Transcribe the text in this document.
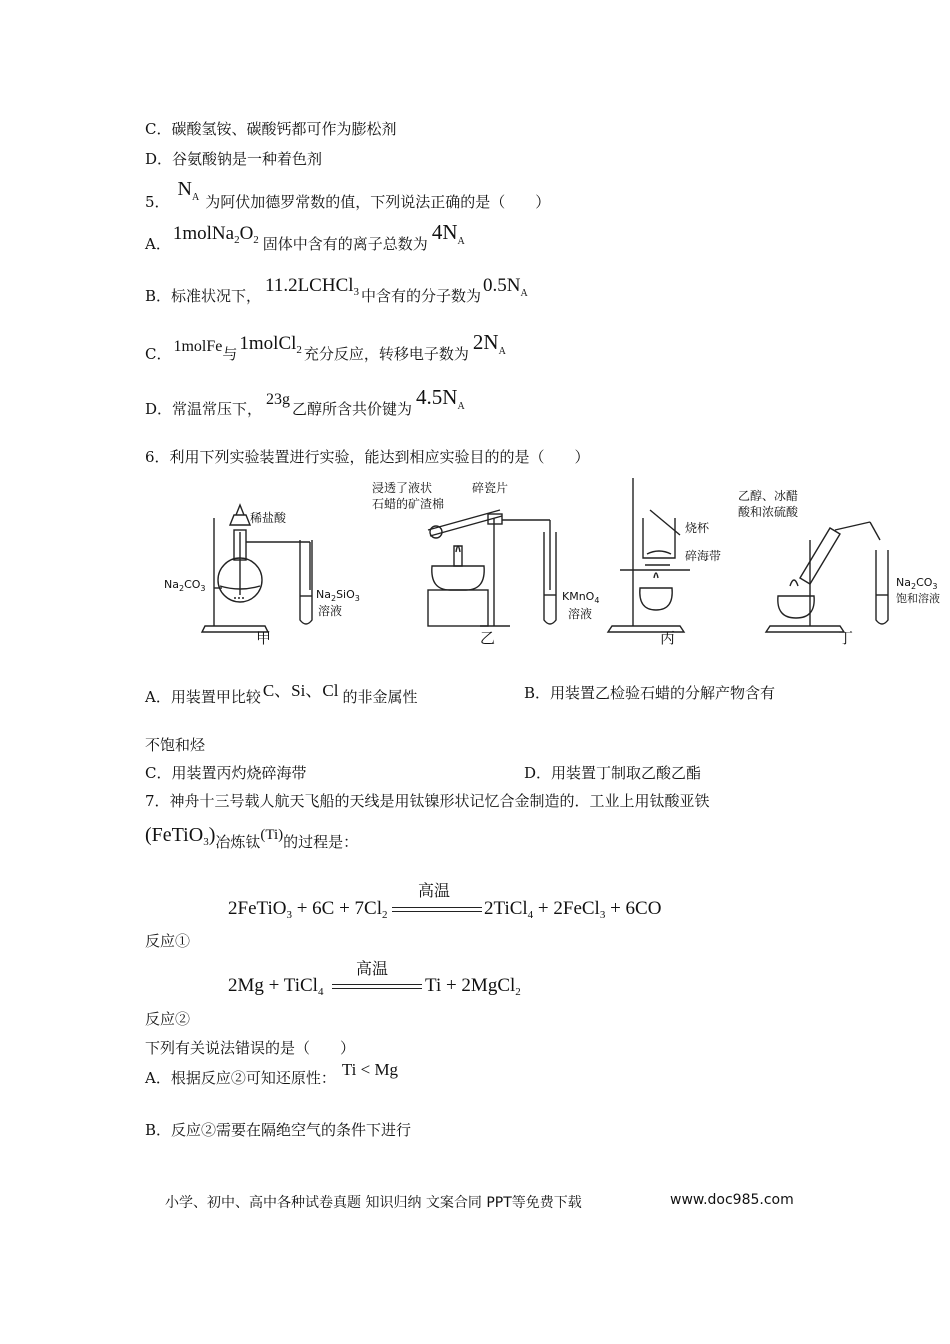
C．碳酸氢铵、碳酸钙都可作为膨松剂
D．谷氨酸钠是一种着色剂
5．$N_A$ 为阿伏加德罗常数的值，下列说法正确的是（　　）
A． $1molNa_2O_2$ 固体中含有的离子总数为 $4N_A$
B．标准状况下， 11.2LCHCl$_3$ 中含有的分子数为 $0.5N_A$
C． 1molFe与 1molCl$_2$ 充分反应，转移电子数为 $2N_A$
D．常温常压下，23g乙醇所含共价键为 $4.5N_A$
6．利用下列实验装置进行实验，能达到相应实验目的的是（　　）
稀盐酸
$Na_2CO_3$	$Na_2SiO_3$
溶液
甲
浸透了液状
石蜡的矿渣棉
碎瓷片
KMnO$_4$
溶液
乙
烧杯
碎海带
丙
乙醇、冰醋
酸和浓硫酸
$Na_2CO_3$
饱和溶液
丁
A．用装置甲比较 C、Si、Cl 的非金属性	B．用装置乙检验石蜡的分解产物含有
不饱和烃
C．用装置丙灼烧碎海带	D．用装置丁制取乙酸乙酯
7．神舟十三号载人航天飞船的天线是用钛镍形状记忆合金制造的．工业上用钛酸亚铁
(FeTiO$_3$)冶炼钛(Ti)的过程是：
2FeTiO$_3$ + $6C + 7Cl_2$
高温
2TiCl$_4$ + 2FeCl$_3$ + 6CO
反应①
2Mg + TiCl$_4$
高温
Ti + 2MgCl$_2$
反应②
下列有关说法错误的是（　　）
A．根据反应②可知还原性： Ti < Mg
B．反应②需要在隔绝空气的条件下进行
小学、初中、高中各种试卷真题 知识归纳 文案合同 PPT等免费下载	www.doc985.com
